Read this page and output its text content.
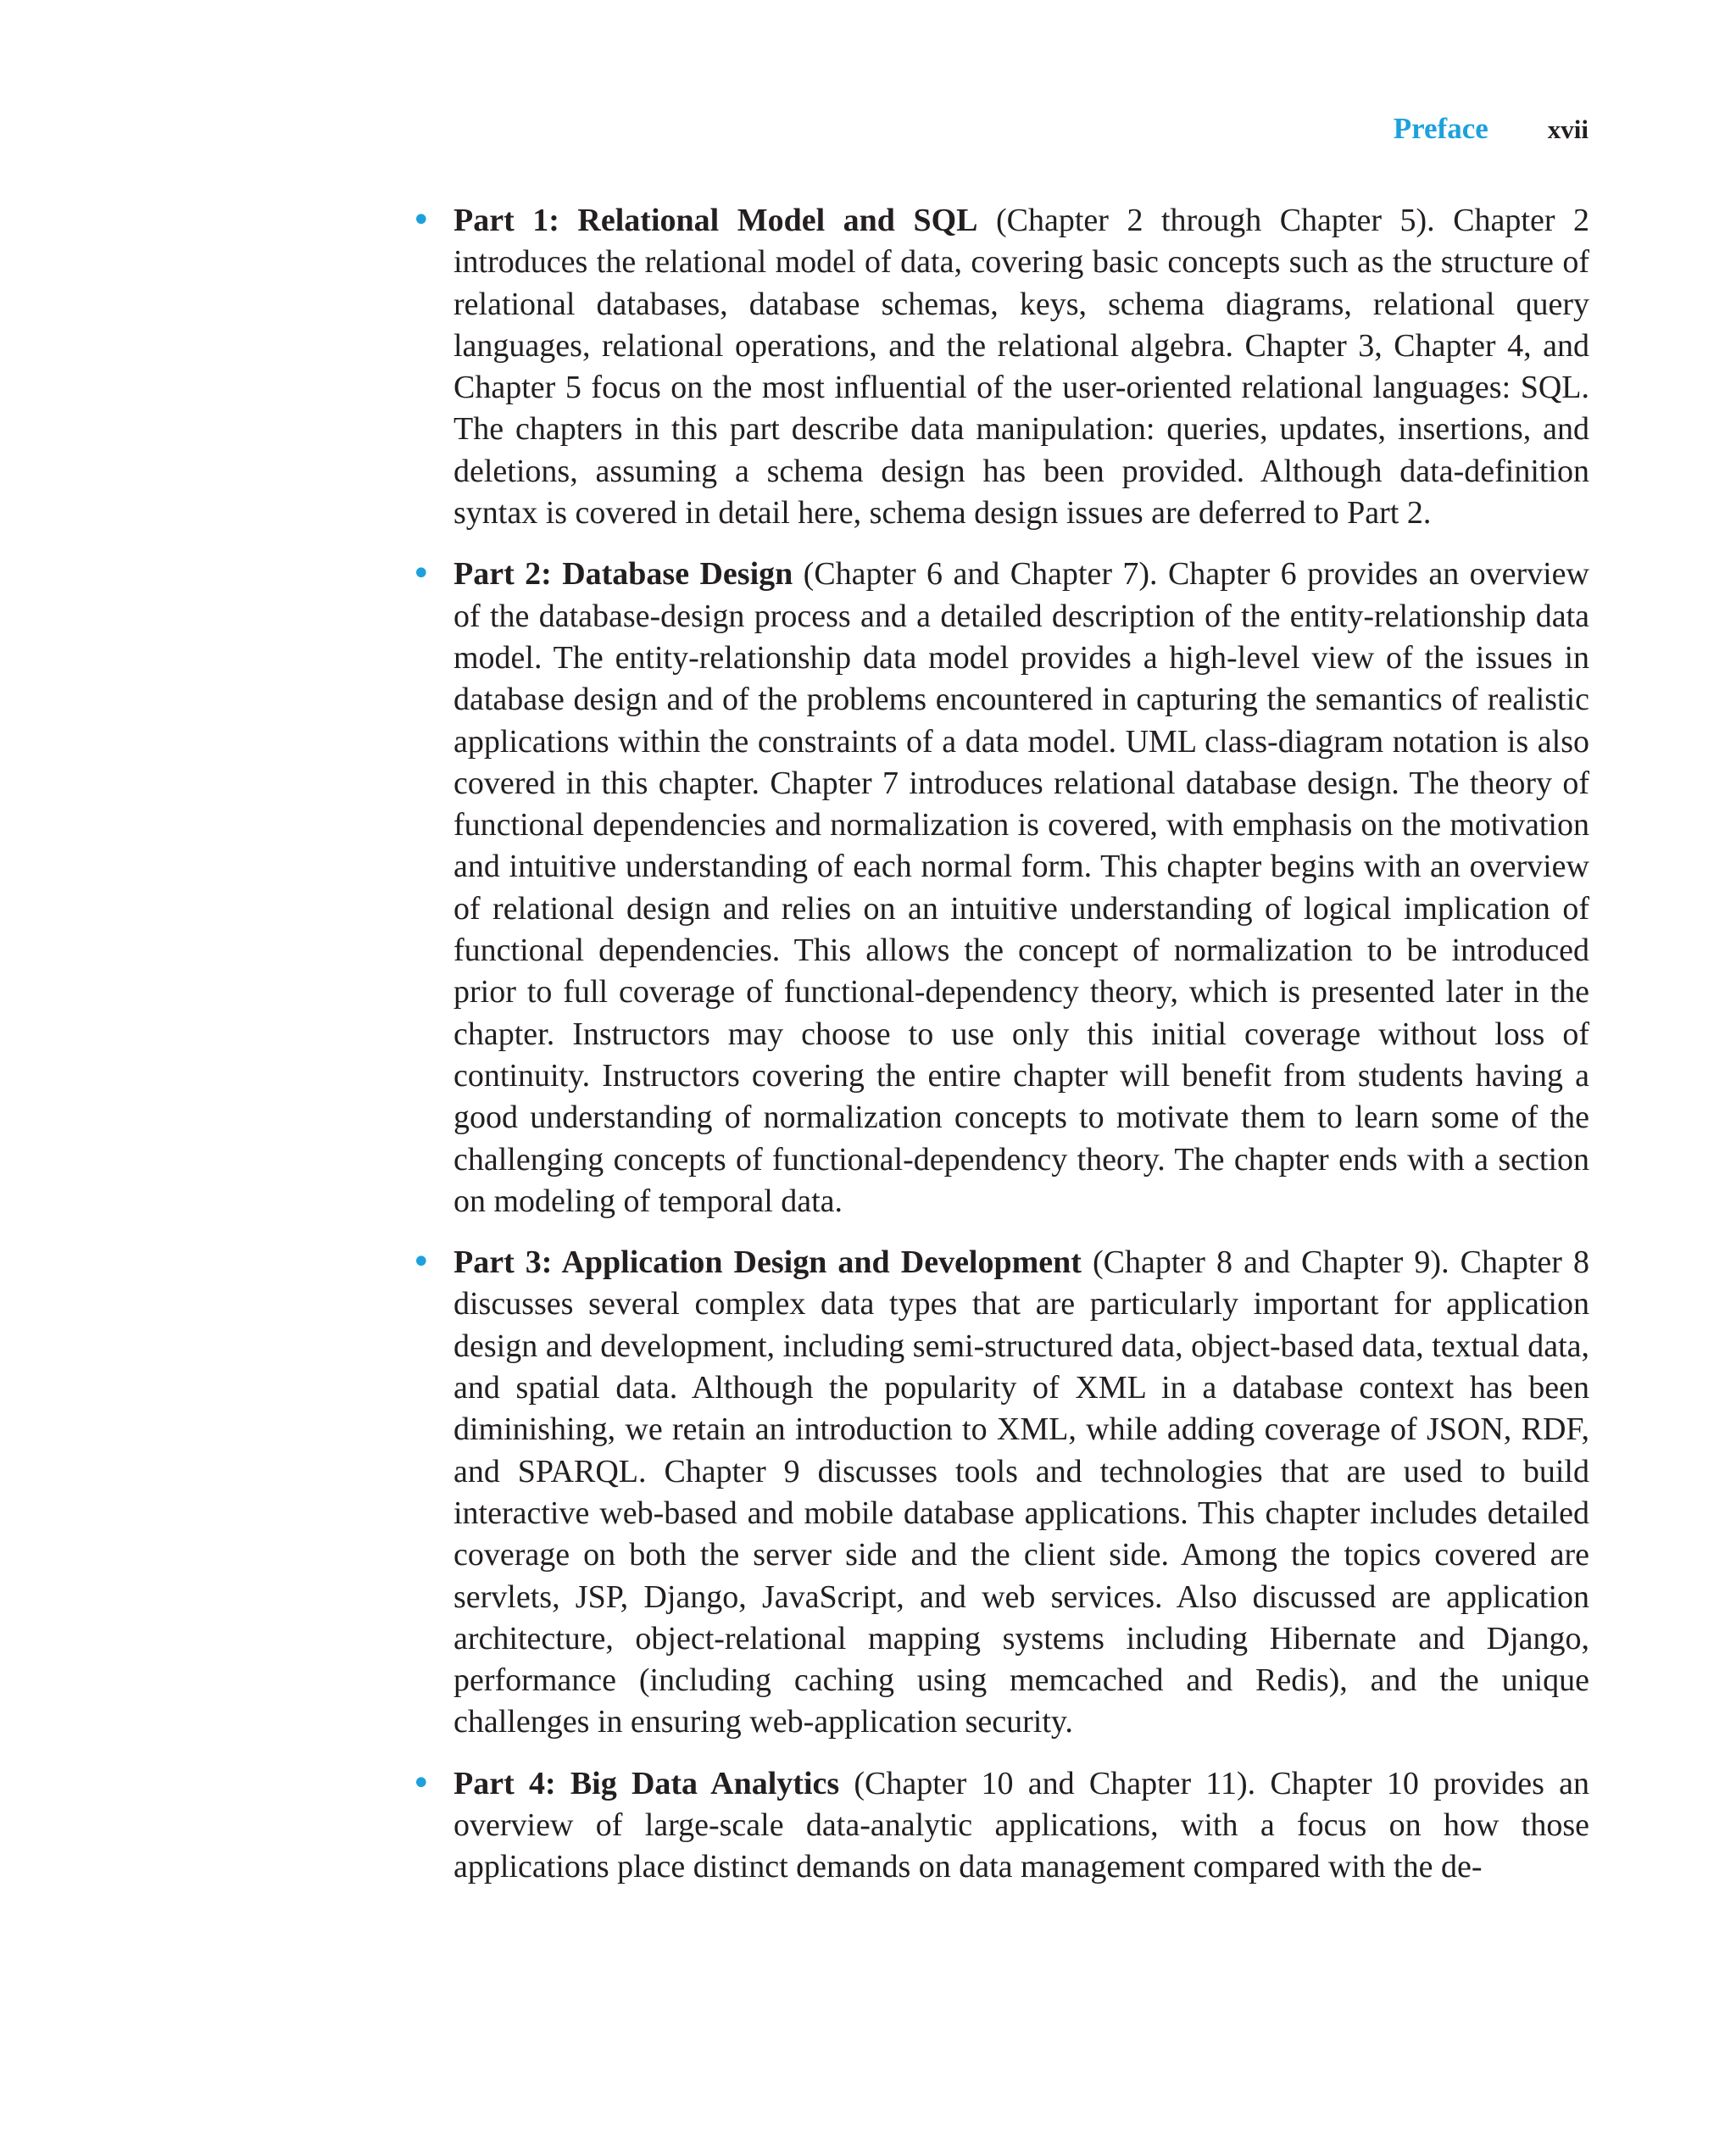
Preface xvii
• Part 1: Relational Model and SQL (Chapter 2 through Chapter 5). Chapter 2 introduces the relational model of data, covering basic concepts such as the structure of relational databases, database schemas, keys, schema diagrams, relational query languages, relational operations, and the relational algebra. Chapter 3, Chapter 4, and Chapter 5 focus on the most influential of the user-oriented relational languages: SQL. The chapters in this part describe data manipulation: queries, updates, insertions, and deletions, assuming a schema design has been provided. Although data-definition syntax is covered in detail here, schema design issues are deferred to Part 2.
• Part 2: Database Design (Chapter 6 and Chapter 7). Chapter 6 provides an overview of the database-design process and a detailed description of the entity-relationship data model. The entity-relationship data model provides a high-level view of the issues in database design and of the problems encountered in capturing the semantics of realistic applications within the constraints of a data model. UML class-diagram notation is also covered in this chapter. Chapter 7 introduces relational database design. The theory of functional dependencies and normalization is covered, with emphasis on the motivation and intuitive understanding of each normal form. This chapter begins with an overview of relational design and relies on an intuitive understanding of logical implication of functional dependencies. This allows the concept of normalization to be introduced prior to full coverage of functional-dependency theory, which is presented later in the chapter. Instructors may choose to use only this initial coverage without loss of continuity. Instructors covering the entire chapter will benefit from students having a good understanding of normalization concepts to motivate them to learn some of the challenging concepts of functional-dependency theory. The chapter ends with a section on modeling of temporal data.
• Part 3: Application Design and Development (Chapter 8 and Chapter 9). Chapter 8 discusses several complex data types that are particularly important for application design and development, including semi-structured data, object-based data, textual data, and spatial data. Although the popularity of XML in a database context has been diminishing, we retain an introduction to XML, while adding coverage of JSON, RDF, and SPARQL. Chapter 9 discusses tools and technologies that are used to build interactive web-based and mobile database applications. This chapter includes detailed coverage on both the server side and the client side. Among the topics covered are servlets, JSP, Django, JavaScript, and web services. Also discussed are application architecture, object-relational mapping systems including Hibernate and Django, performance (including caching using memcached and Redis), and the unique challenges in ensuring web-application security.
• Part 4: Big Data Analytics (Chapter 10 and Chapter 11). Chapter 10 provides an overview of large-scale data-analytic applications, with a focus on how those applications place distinct demands on data management compared with the de-
